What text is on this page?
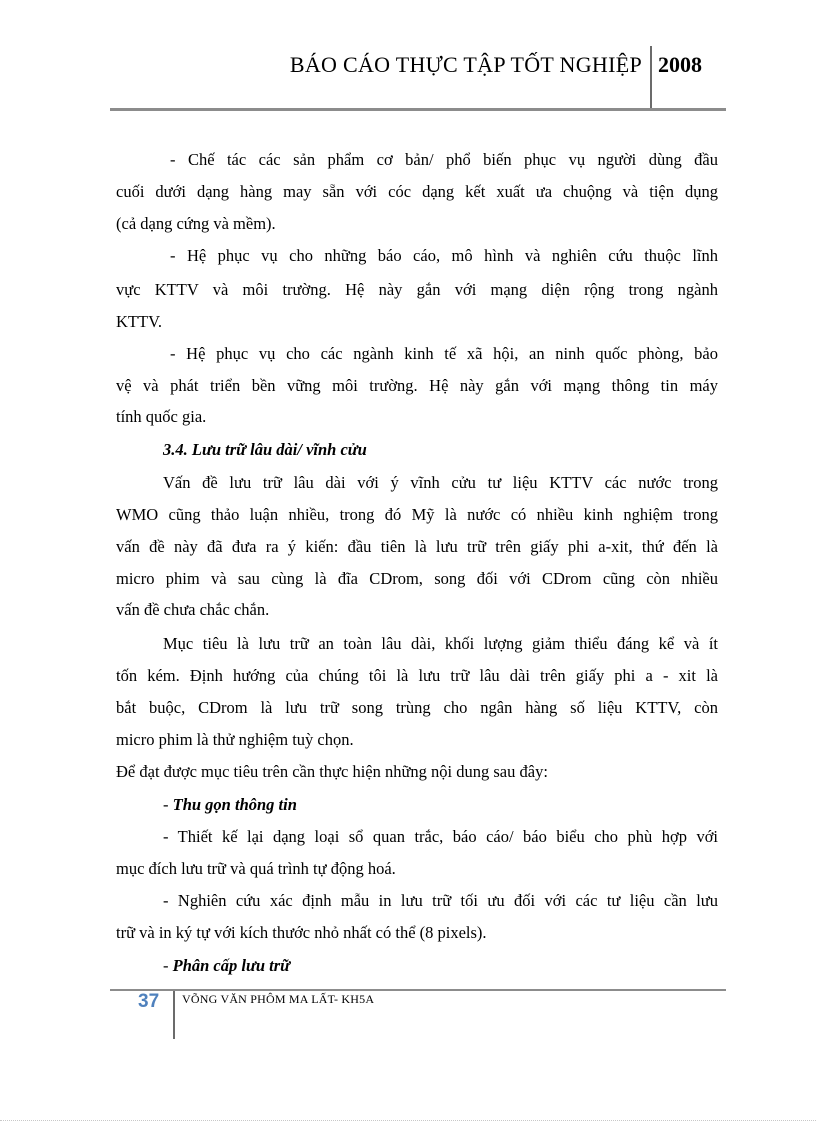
BÁO CÁO THỰC TẬP TỐT NGHIỆP 2008
- Chế tác các sản phẩm cơ bản/ phổ biến phục vụ người dùng đầu
cuối dưới dạng hàng may sẵn với cóc dạng kết xuất ưa chuộng và tiện dụng
(cả dạng cứng và mềm).
- Hệ phục vụ cho những báo cáo, mô hình và nghiên cứu thuộc lĩnh
vực KTTV và môi trường. Hệ này gắn với mạng diện rộng trong ngành
KTTV.
- Hệ phục vụ cho các ngành kinh tế xã hội, an ninh quốc phòng, bảo
vệ và phát triển bền vững môi trường. Hệ này gắn với mạng thông tin máy
tính quốc gia.
3.4. Lưu trữ lâu dài/ vĩnh cửu
Vấn đề lưu trữ lâu dài với ý vĩnh cửu tư liệu KTTV các nước trong
WMO cũng thảo luận nhiều, trong đó Mỹ là nước có nhiều kinh nghiệm trong
vấn đề này đã đưa ra ý kiến: đầu tiên là lưu trữ trên giấy phi a-xit, thứ đến là
micro phim và sau cùng là đĩa CDrom, song đối với CDrom cũng còn nhiều
vấn đề chưa chắc chắn.
Mục tiêu là lưu trữ an toàn lâu dài, khối lượng giảm thiểu đáng kể và ít
tốn kém. Định hướng của chúng tôi là lưu trữ lâu dài trên giấy phi a - xit là
bắt buộc, CDrom là lưu trữ song trùng cho ngân hàng số liệu KTTV, còn
micro phim là thử nghiệm tuỳ chọn.
Để đạt được mục tiêu trên cần thực hiện những nội dung sau đây:
- Thu gọn thông tin
- Thiết kế lại dạng loại sổ quan trắc, báo cáo/ báo biểu cho phù hợp với
mục đích lưu trữ và quá trình tự động hoá.
- Nghiên cứu xác định mẫu in lưu trữ tối ưu đối với các tư liệu cần lưu
trữ và in ký tự với kích thước nhỏ nhất có thể (8 pixels).
- Phân cấp lưu trữ
37 VÕNG VĂN PHÔM MA LẤT- KH5A
